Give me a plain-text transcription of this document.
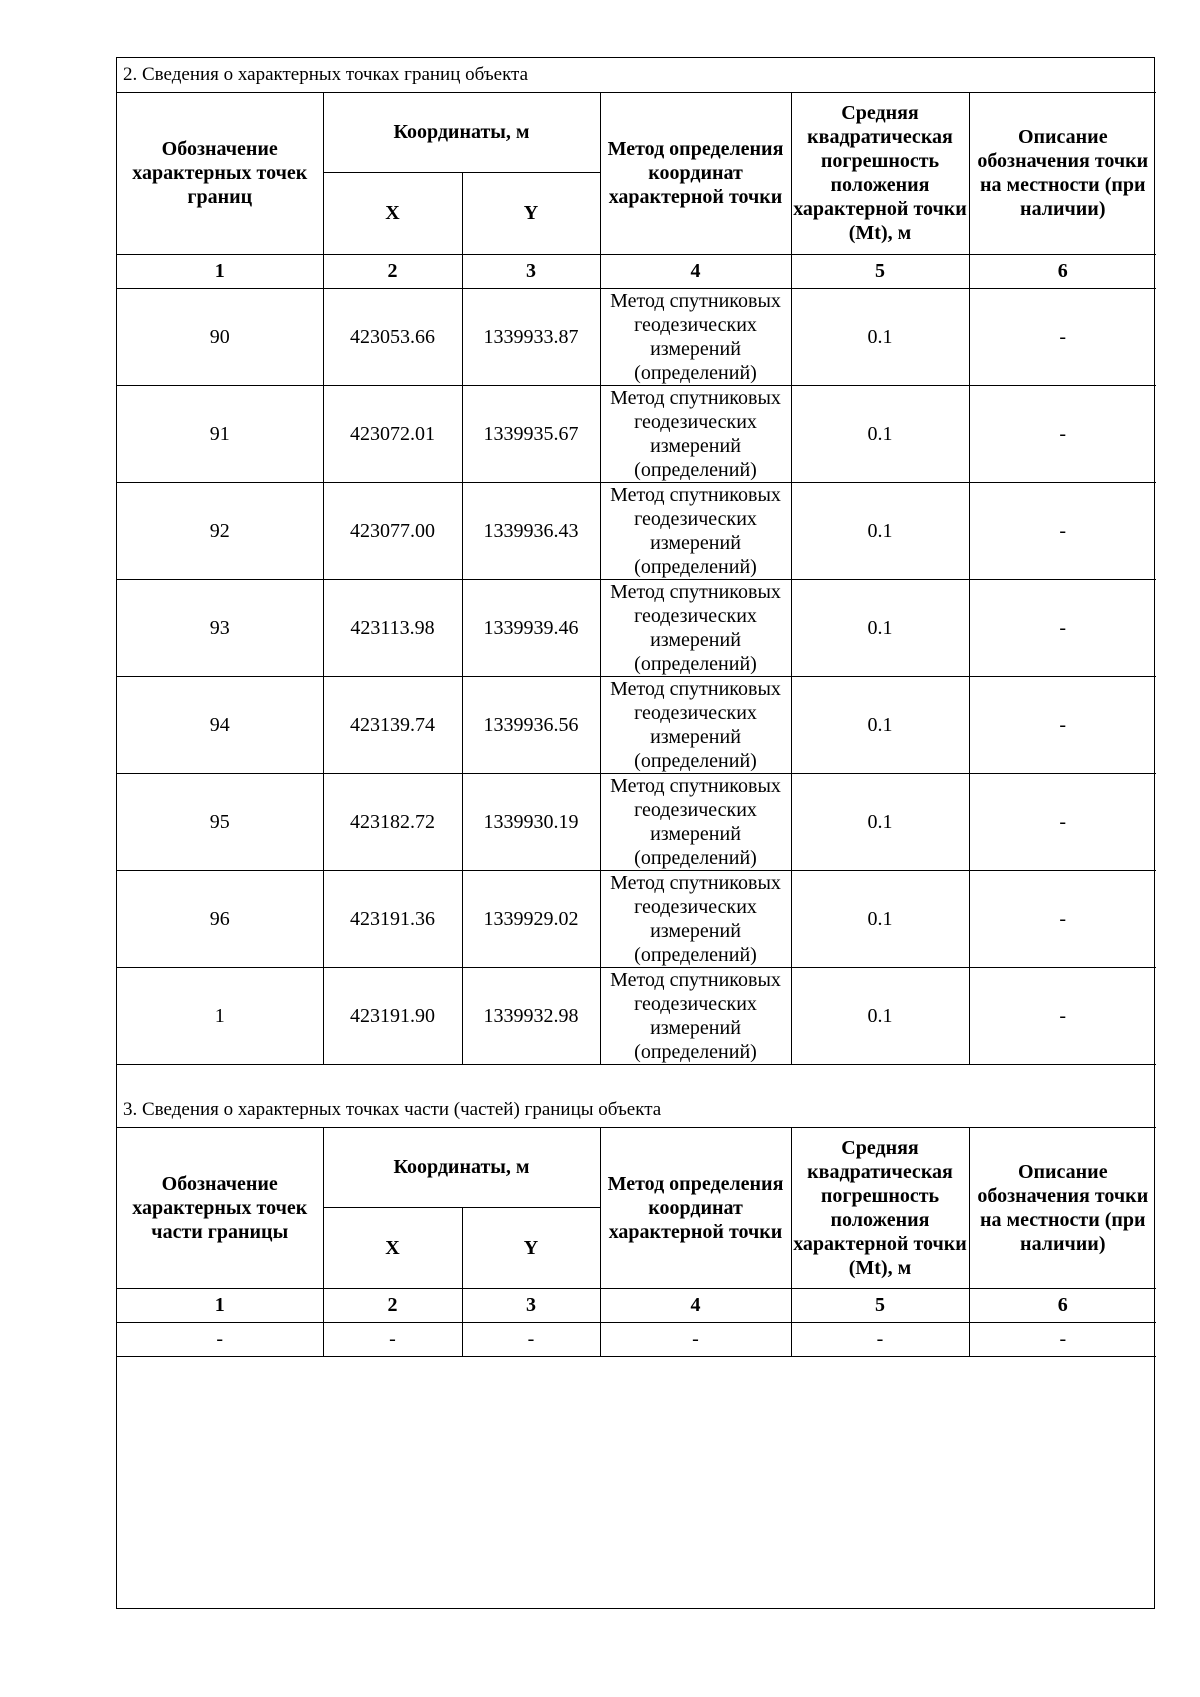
2. Сведения о характерных точках границ объекта					
Обозначение характерных точек границ	Координаты, м		Метод определения координат характерной точки	Средняя квадратическая погрешность положения характерной точки (Mt), м	Описание обозначения точки на местности (при наличии)
	X	Y			
1	2	3	4	5	6
90	423053.66	1339933.87	Метод спутниковых геодезических измерений (определений)	0.1	-
91	423072.01	1339935.67	Метод спутниковых геодезических измерений (определений)	0.1	-
92	423077.00	1339936.43	Метод спутниковых геодезических измерений (определений)	0.1	-
93	423113.98	1339939.46	Метод спутниковых геодезических измерений (определений)	0.1	-
94	423139.74	1339936.56	Метод спутниковых геодезических измерений (определений)	0.1	-
95	423182.72	1339930.19	Метод спутниковых геодезических измерений (определений)	0.1	-
96	423191.36	1339929.02	Метод спутниковых геодезических измерений (определений)	0.1	-
1	423191.90	1339932.98	Метод спутниковых геодезических измерений (определений)	0.1	-
3. Сведения о характерных точках части (частей) границы объекта					
Обозначение характерных точек части границы	Координаты, м		Метод определения координат характерной точки	Средняя квадратическая погрешность положения характерной точки (Mt), м	Описание обозначения точки на местности (при наличии)
	X	Y			
1	2	3	4	5	6
-	-	-	-	-	-
